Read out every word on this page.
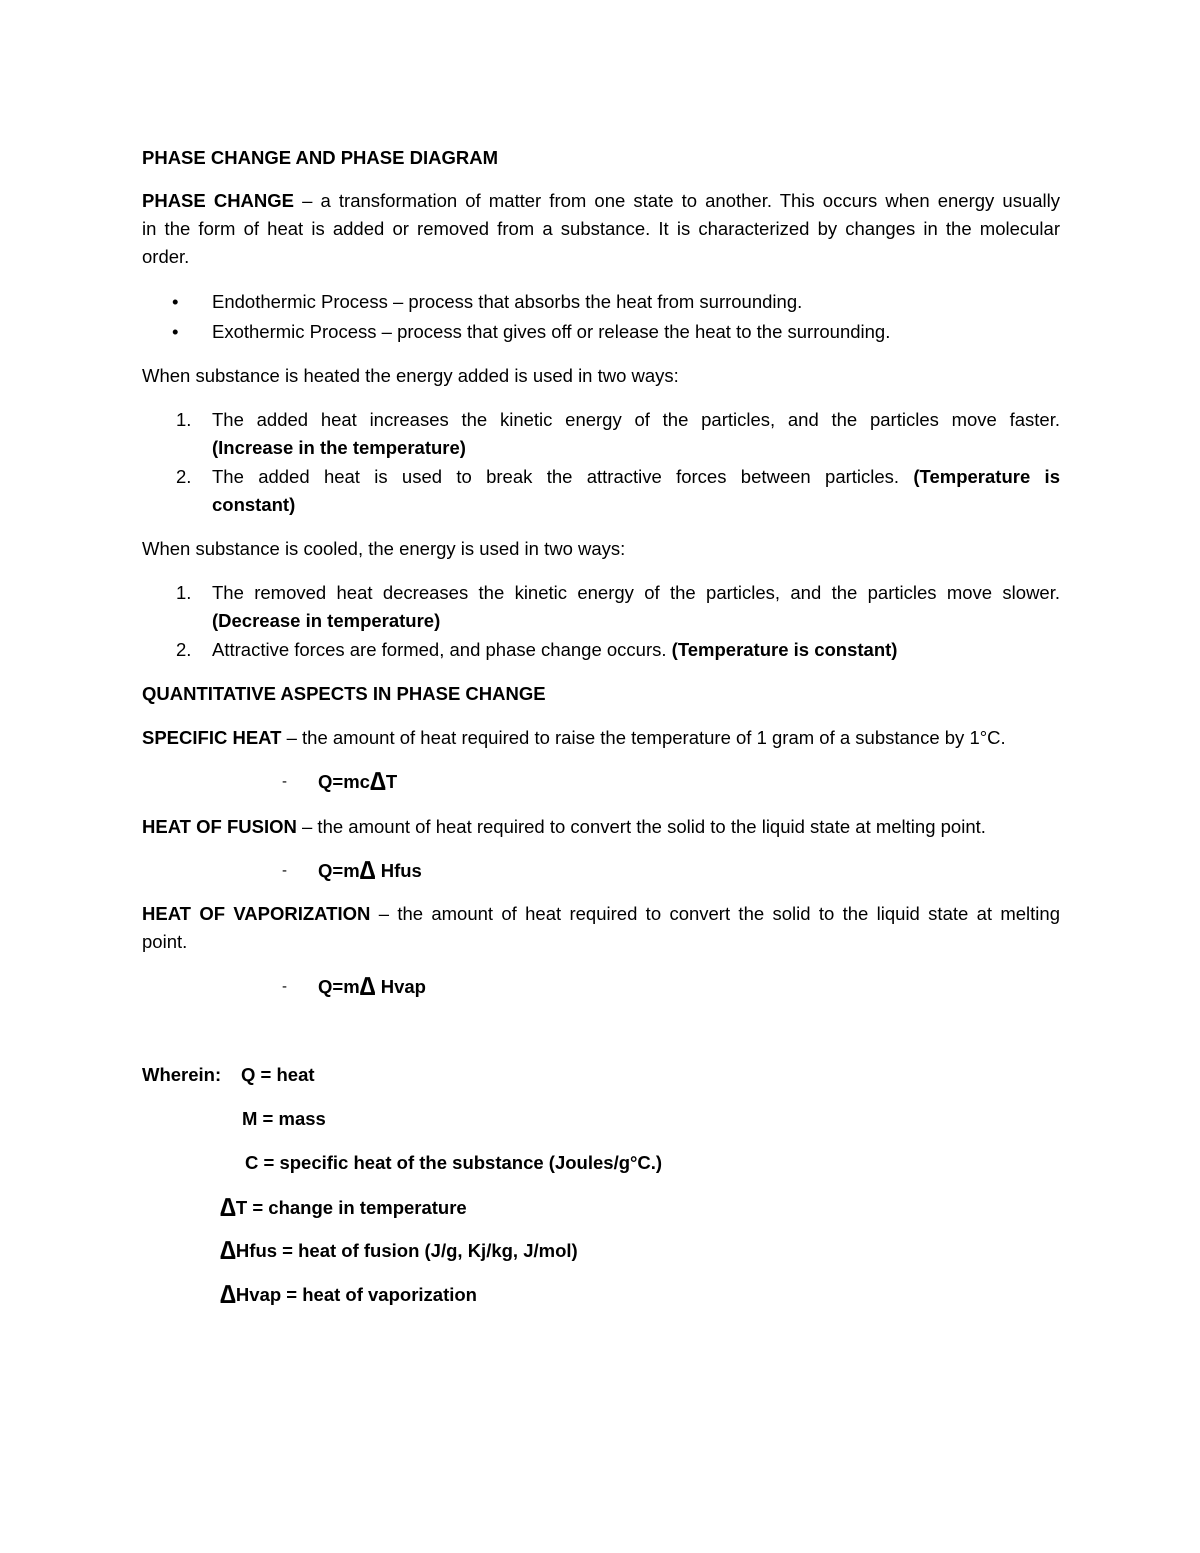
PHASE CHANGE AND PHASE DIAGRAM
PHASE CHANGE – a transformation of matter from one state to another. This occurs when energy usually
in the form of heat is added or removed from a substance. It is characterized by changes in the molecular
order.
•	Endothermic Process – process that absorbs the heat from surrounding.
•	Exothermic Process – process that gives off or release the heat to the surrounding.
When substance is heated the energy added is used in two ways:
1. The added heat increases the kinetic energy of the particles, and the particles move faster.
(Increase in the temperature)
2. The added heat is used to break the attractive forces between particles. (Temperature is
constant)
When substance is cooled, the energy is used in two ways:
1. The removed heat decreases the kinetic energy of the particles, and the particles move slower.
(Decrease in temperature)
2. Attractive forces are formed, and phase change occurs. (Temperature is constant)
QUANTITATIVE ASPECTS IN PHASE CHANGE
SPECIFIC HEAT – the amount of heat required to raise the temperature of 1 gram of a substance by 1°C.
- Q=mc∆T
HEAT OF FUSION – the amount of heat required to convert the solid to the liquid state at melting point.
- Q=m∆ Hfus
HEAT OF VAPORIZATION – the amount of heat required to convert the solid to the liquid state at melting
point.
- Q=m∆ Hvap
Wherein: Q = heat
M = mass
C = specific heat of the substance (Joules/g°C.)
∆T = change in temperature
∆Hfus = heat of fusion (J/g, Kj/kg, J/mol)
∆Hvap = heat of vaporization
